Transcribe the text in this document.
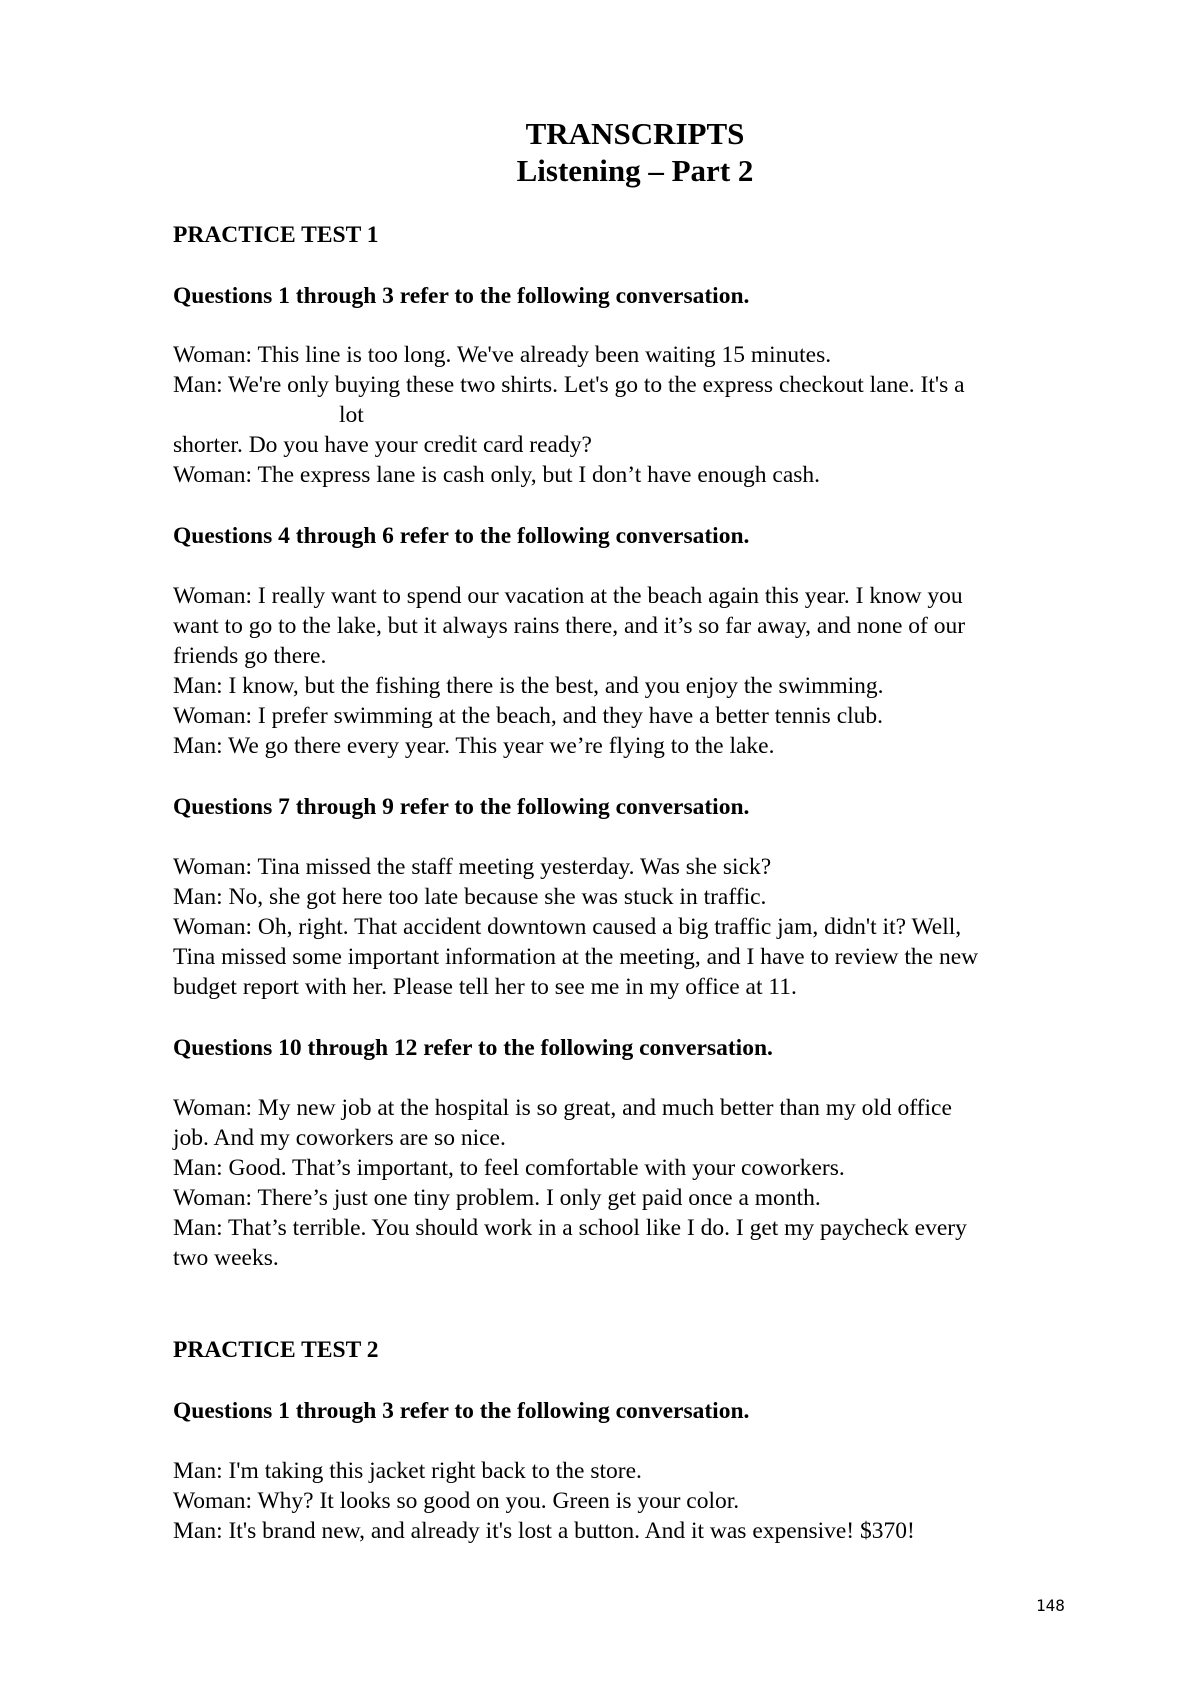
TRANSCRIPTS
Listening – Part 2
PRACTICE TEST 1
Questions 1 through 3 refer to the following conversation.
Woman: This line is too long. We've already been waiting 15 minutes.
Man: We're only buying these two shirts. Let's go to the express checkout lane. It's a
lot
shorter. Do you have your credit card ready?
Woman: The express lane is cash only, but I don’t have enough cash.
Questions 4 through 6 refer to the following conversation.
Woman: I really want to spend our vacation at the beach again this year. I know you
want to go to the lake, but it always rains there, and it’s so far away, and none of our
friends go there.
Man: I know, but the fishing there is the best, and you enjoy the swimming.
Woman: I prefer swimming at the beach, and they have a better tennis club.
Man: We go there every year. This year we’re flying to the lake.
Questions 7 through 9 refer to the following conversation.
Woman: Tina missed the staff meeting yesterday. Was she sick?
Man: No, she got here too late because she was stuck in traffic.
Woman: Oh, right. That accident downtown caused a big traffic jam, didn't it? Well,
Tina missed some important information at the meeting, and I have to review the new
budget report with her. Please tell her to see me in my office at 11.
Questions 10 through 12 refer to the following conversation.
Woman: My new job at the hospital is so great, and much better than my old office
job. And my coworkers are so nice.
Man: Good. That’s important, to feel comfortable with your coworkers.
Woman: There’s just one tiny problem. I only get paid once a month.
Man: That’s terrible. You should work in a school like I do. I get my paycheck every
two weeks.
PRACTICE TEST 2
Questions 1 through 3 refer to the following conversation.
Man: I'm taking this jacket right back to the store.
Woman: Why? It looks so good on you. Green is your color.
Man: It's brand new, and already it's lost a button. And it was expensive! $370!
148
